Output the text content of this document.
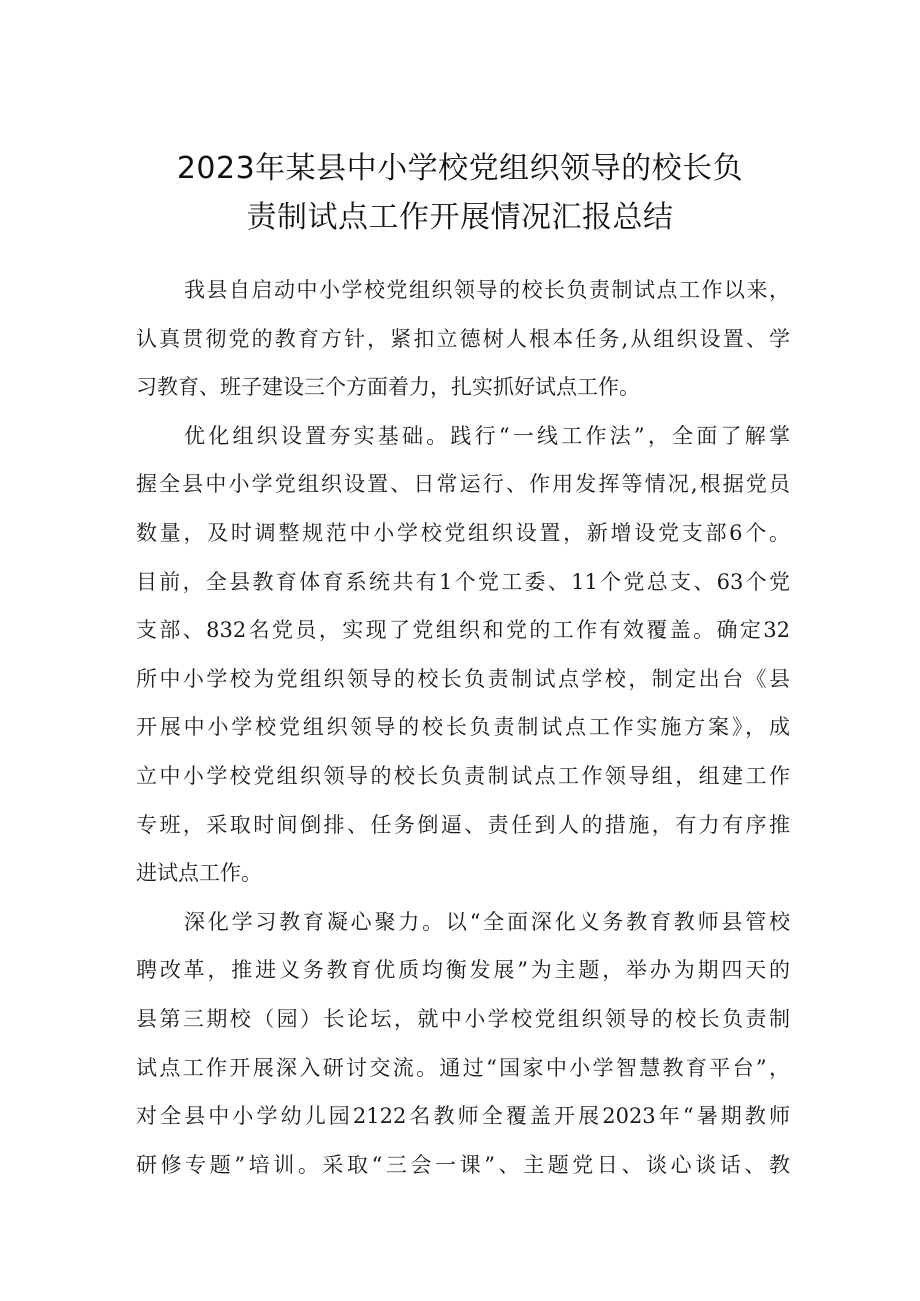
2023年某县中小学校党组织领导的校长负
责制试点工作开展情况汇报总结

我县自启动中小学校党组织领导的校长负责制试点工作以来，
认真贯彻党的教育方针，紧扣立德树人根本任务,从组织设置、学
习教育、班子建设三个方面着力，扎实抓好试点工作。

优化组织设置夯实基础。践行“一线工作法”，全面了解掌
握全县中小学党组织设置、日常运行、作用发挥等情况,根据党员
数量，及时调整规范中小学校党组织设置，新增设党支部6个。
目前，全县教育体育系统共有1个党工委、11个党总支、63个党
支部、832名党员，实现了党组织和党的工作有效覆盖。确定32
所中小学校为党组织领导的校长负责制试点学校，制定出台《县
开展中小学校党组织领导的校长负责制试点工作实施方案》，成
立中小学校党组织领导的校长负责制试点工作领导组，组建工作
专班，采取时间倒排、任务倒逼、责任到人的措施，有力有序推
进试点工作。

深化学习教育凝心聚力。以“全面深化义务教育教师县管校
聘改革，推进义务教育优质均衡发展”为主题，举办为期四天的
县第三期校（园）长论坛，就中小学校党组织领导的校长负责制
试点工作开展深入研讨交流。通过“国家中小学智慧教育平台”，
对全县中小学幼儿园2122名教师全覆盖开展2023年“暑期教师
研修专题”培训。采取“三会一课”、主题党日、谈心谈话、教
